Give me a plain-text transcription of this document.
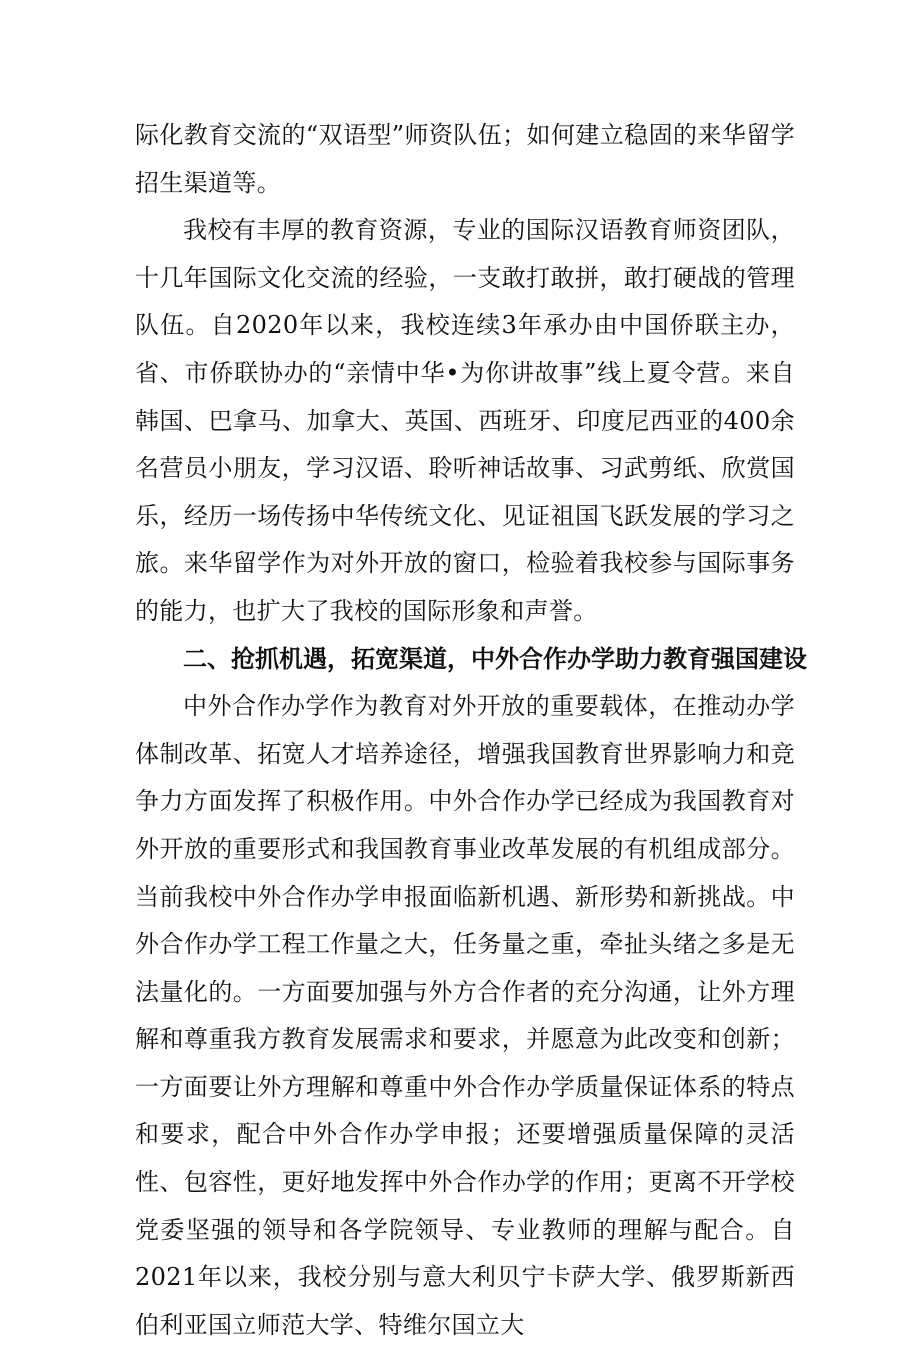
际化教育交流的“双语型”师资队伍；如何建立稳固的来华留学招生渠道等。

我校有丰厚的教育资源，专业的国际汉语教育师资团队，十几年国际文化交流的经验，一支敢打敢拼，敢打硬战的管理队伍。自2020年以来，我校连续3年承办由中国侨联主办，省、市侨联协办的“亲情中华•为你讲故事”线上夏令营。来自韩国、巴拿马、加拿大、英国、西班牙、印度尼西亚的400余名营员小朋友，学习汉语、聆听神话故事、习武剪纸、欣赏国乐，经历一场传扬中华传统文化、见证祖国飞跃发展的学习之旅。来华留学作为对外开放的窗口，检验着我校参与国际事务的能力，也扩大了我校的国际形象和声誉。

二、抢抓机遇，拓宽渠道，中外合作办学助力教育强国建设

中外合作办学作为教育对外开放的重要载体，在推动办学体制改革、拓宽人才培养途径，增强我国教育世界影响力和竞争力方面发挥了积极作用。中外合作办学已经成为我国教育对外开放的重要形式和我国教育事业改革发展的有机组成部分。当前我校中外合作办学申报面临新机遇、新形势和新挑战。中外合作办学工程工作量之大，任务量之重，牵扯头绪之多是无法量化的。一方面要加强与外方合作者的充分沟通，让外方理解和尊重我方教育发展需求和要求，并愿意为此改变和创新；一方面要让外方理解和尊重中外合作办学质量保证体系的特点和要求，配合中外合作办学申报；还要增强质量保障的灵活性、包容性，更好地发挥中外合作办学的作用；更离不开学校党委坚强的领导和各学院领导、专业教师的理解与配合。自2021年以来，我校分别与意大利贝宁卡萨大学、俄罗斯新西伯利亚国立师范大学、特维尔国立大
